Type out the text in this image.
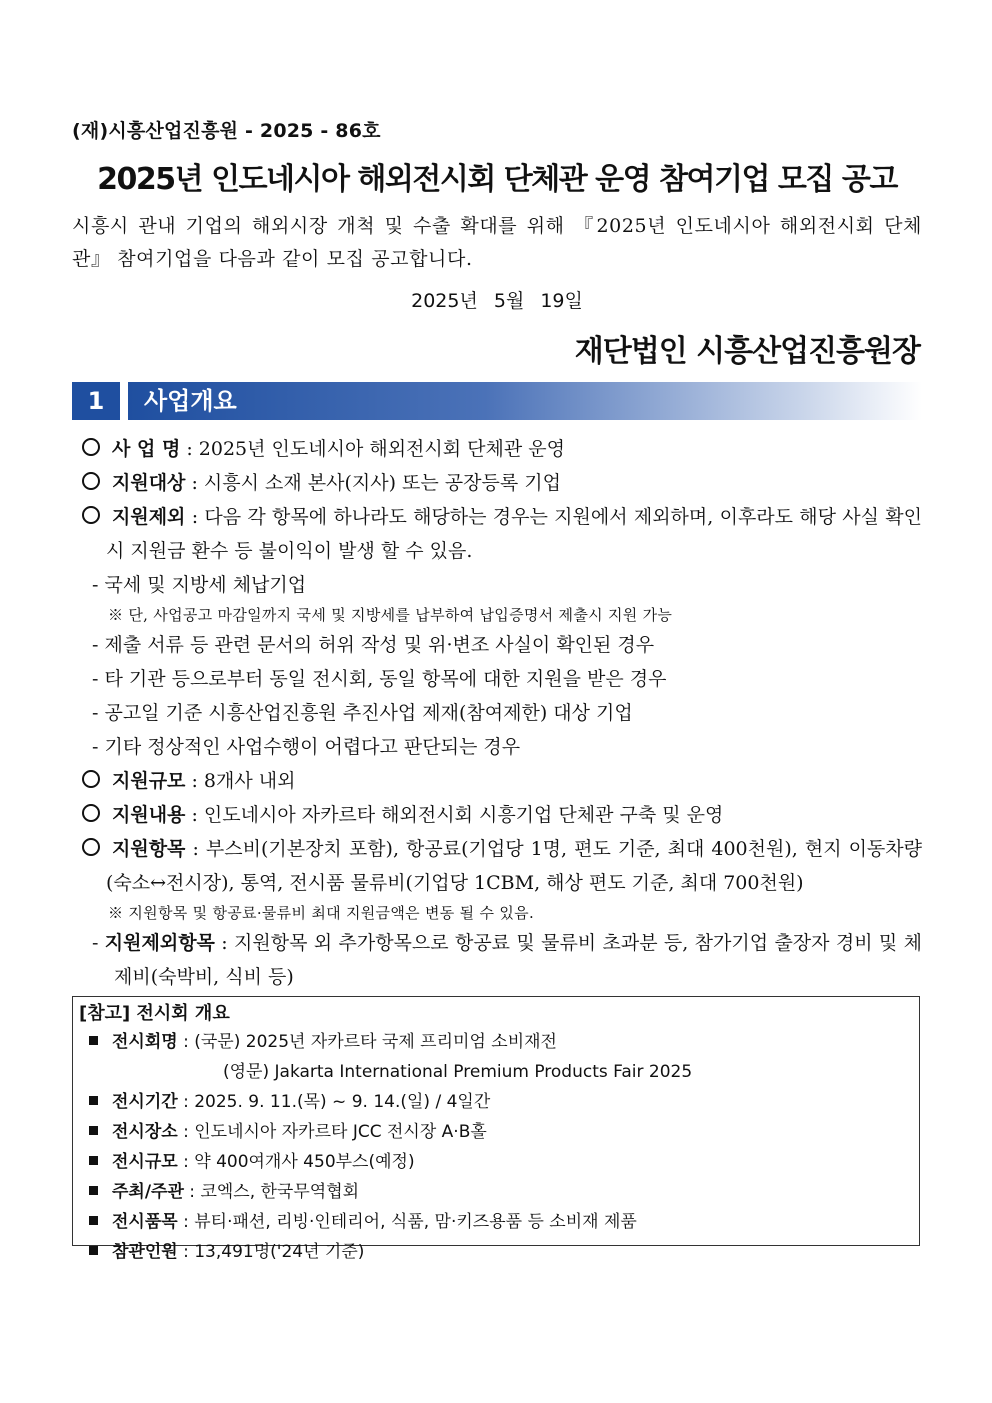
(재)시흥산업진흥원 - 2025 - 86호
2025년 인도네시아 해외전시회 단체관 운영 참여기업 모집 공고
시흥시 관내 기업의 해외시장 개척 및 수출 확대를 위해 『2025년 인도네시아 해외전시회 단체관』 참여기업을 다음과 같이 모집 공고합니다.
2025년 5월 19일
재단법인 시흥산업진흥원장
1	사업개요
사 업 명 : 2025년 인도네시아 해외전시회 단체관 운영
지원대상 : 시흥시 소재 본사(지사) 또는 공장등록 기업
지원제외 : 다음 각 항목에 하나라도 해당하는 경우는 지원에서 제외하며, 이후라도 해당 사실 확인시 지원금 환수 등 불이익이 발생 할 수 있음.
- 국세 및 지방세 체납기업
※ 단, 사업공고 마감일까지 국세 및 지방세를 납부하여 납입증명서 제출시 지원 가능
- 제출 서류 등 관련 문서의 허위 작성 및 위·변조 사실이 확인된 경우
- 타 기관 등으로부터 동일 전시회, 동일 항목에 대한 지원을 받은 경우
- 공고일 기준 시흥산업진흥원 추진사업 제재(참여제한) 대상 기업
- 기타 정상적인 사업수행이 어렵다고 판단되는 경우
지원규모 : 8개사 내외
지원내용 : 인도네시아 자카르타 해외전시회 시흥기업 단체관 구축 및 운영
지원항목 : 부스비(기본장치 포함), 항공료(기업당 1명, 편도 기준, 최대 400천원), 현지 이동차량(숙소↔전시장), 통역, 전시품 물류비(기업당 1CBM, 해상 편도 기준, 최대 700천원)
※ 지원항목 및 항공료·물류비 최대 지원금액은 변동 될 수 있음.
- 지원제외항목 : 지원항목 외 추가항목으로 항공료 및 물류비 초과분 등, 참가기업 출장자 경비 및 체제비(숙박비, 식비 등)
[참고] 전시회 개요
전시회명 : (국문) 2025년 자카르타 국제 프리미엄 소비재전
(영문) Jakarta International Premium Products Fair 2025
전시기간 : 2025. 9. 11.(목) ~ 9. 14.(일) / 4일간
전시장소 : 인도네시아 자카르타 JCC 전시장 A·B홀
전시규모 : 약 400여개사 450부스(예정)
주최/주관 : 코엑스, 한국무역협회
전시품목 : 뷰티·패션, 리빙·인테리어, 식품, 맘·키즈용품 등 소비재 제품
참관인원 : 13,491명('24년 기준)
